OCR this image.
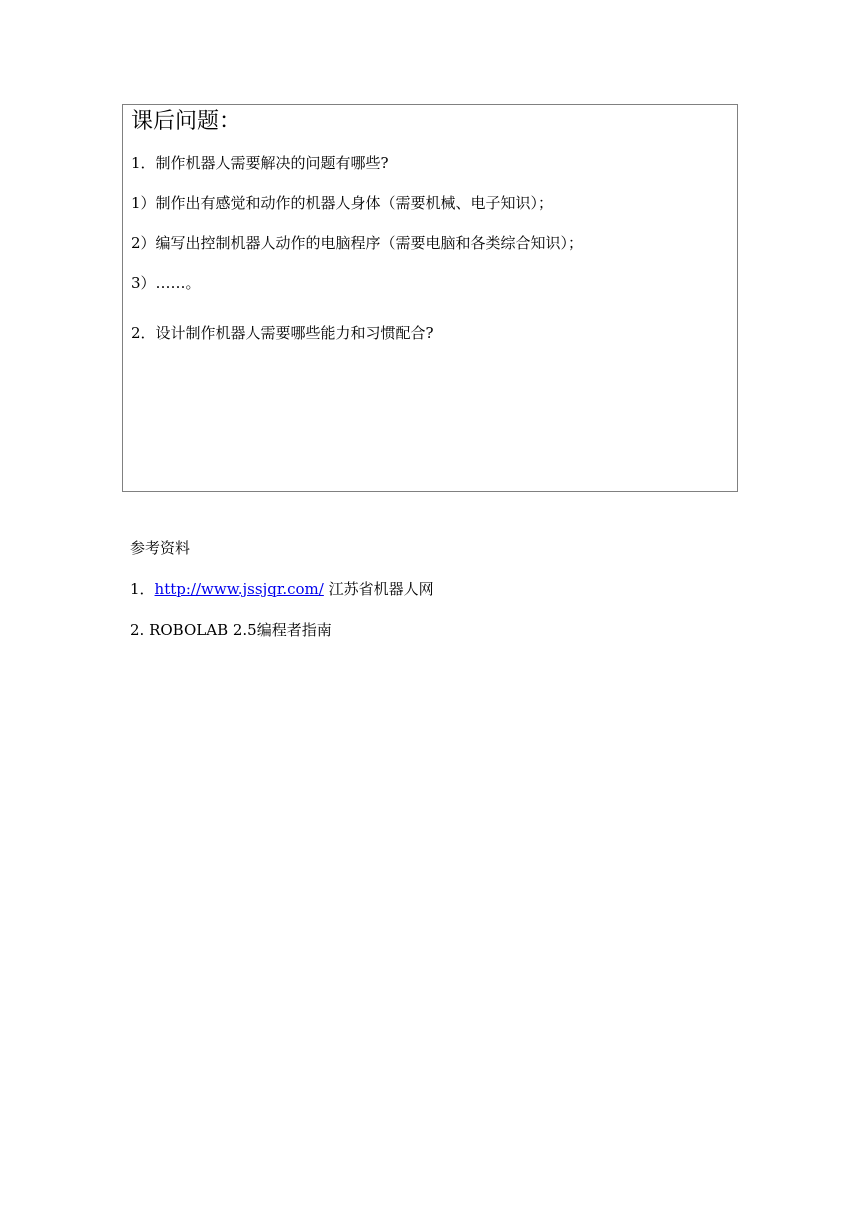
课后问题：
1．制作机器人需要解决的问题有哪些?
1）制作出有感觉和动作的机器人身体（需要机械、电子知识）；
2）编写出控制机器人动作的电脑程序（需要电脑和各类综合知识）；
3）……。
2．设计制作机器人需要哪些能力和习惯配合?
参考资料
1．http://www.jssjqr.com/ 江苏省机器人网
2. ROBOLAB 2.5编程者指南
